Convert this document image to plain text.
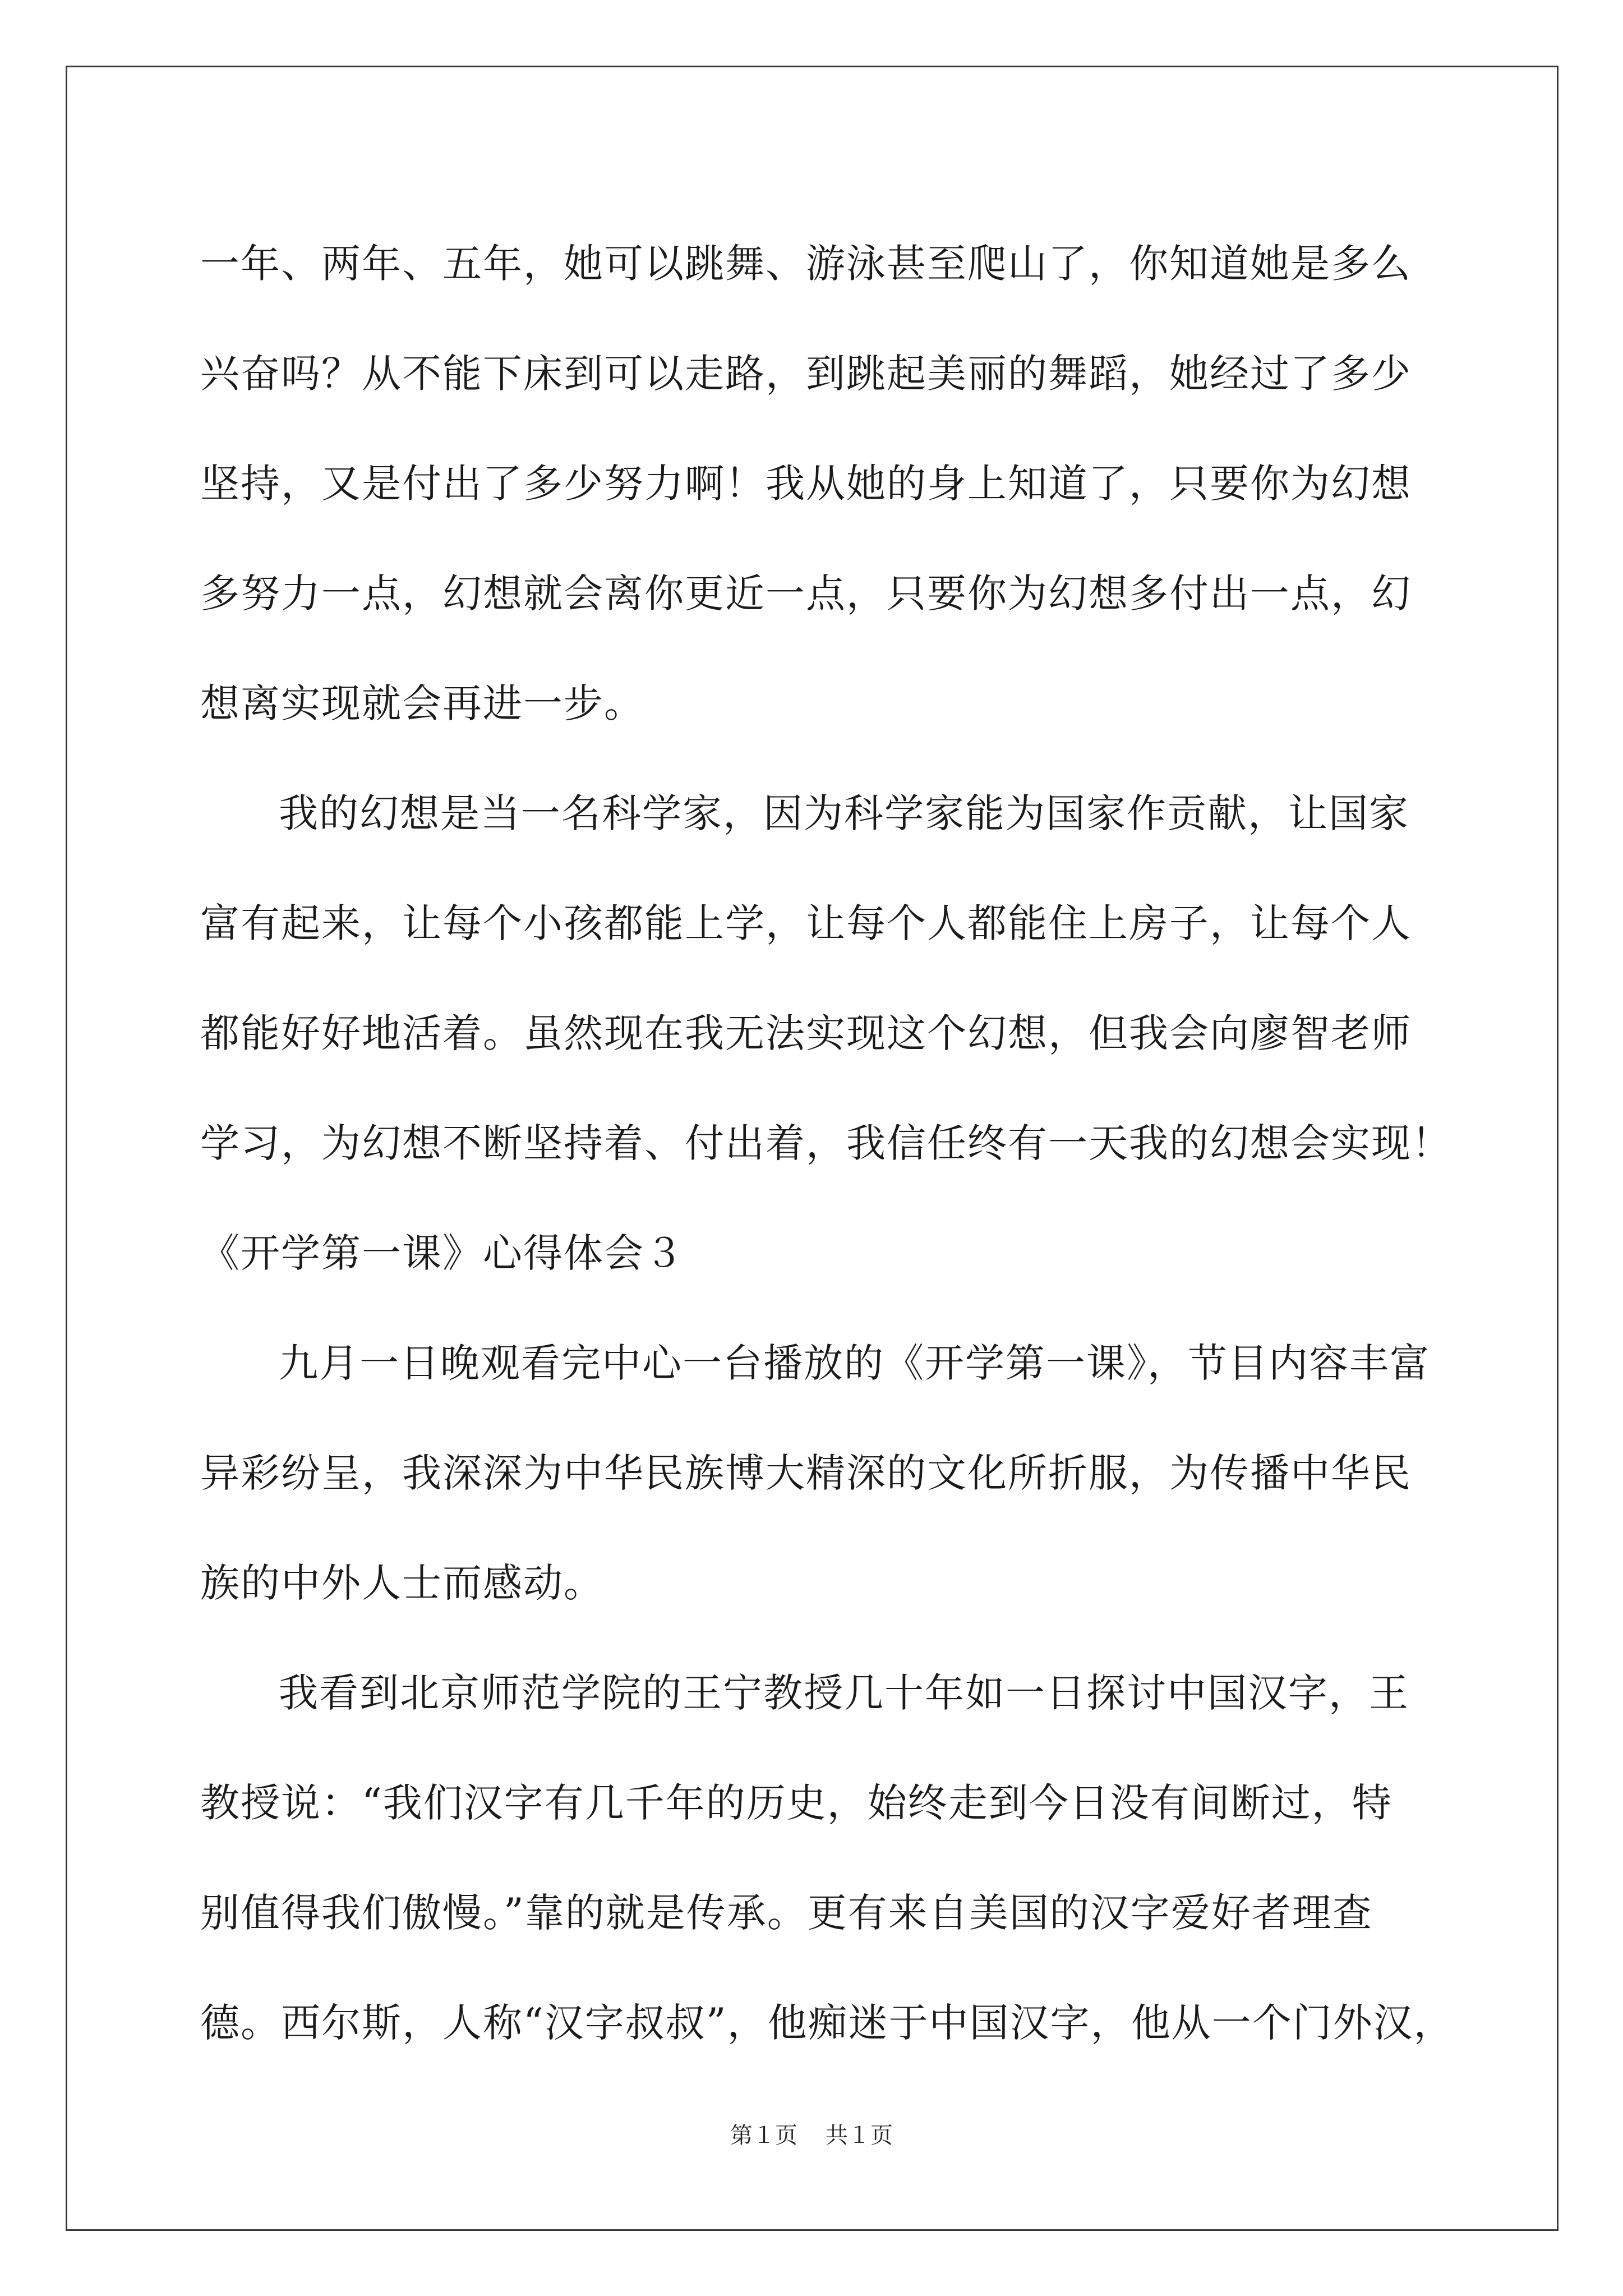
一年、两年、五年，她可以跳舞、游泳甚至爬山了，你知道她是多么
兴奋吗？从不能下床到可以走路，到跳起美丽的舞蹈，她经过了多少
坚持，又是付出了多少努力啊！我从她的身上知道了，只要你为幻想
多努力一点，幻想就会离你更近一点，只要你为幻想多付出一点，幻
想离实现就会再进一步。
我的幻想是当一名科学家，因为科学家能为国家作贡献，让国家
富有起来，让每个小孩都能上学，让每个人都能住上房子，让每个人
都能好好地活着。虽然现在我无法实现这个幻想，但我会向廖智老师
学习，为幻想不断坚持着、付出着，我信任终有一天我的幻想会实现！
《开学第一课》心得体会３
九月一日晚观看完中心一台播放的《开学第一课》，节目内容丰富
异彩纷呈，我深深为中华民族博大精深的文化所折服，为传播中华民
族的中外人士而感动。
我看到北京师范学院的王宁教授几十年如一日探讨中国汉字，王
教授说：“我们汉字有几千年的历史，始终走到今日没有间断过，特
别值得我们傲慢。”靠的就是传承。更有来自美国的汉字爱好者理查
德。西尔斯，人称“汉字叔叔”，他痴迷于中国汉字，他从一个门外汉，
第１页 共１页
